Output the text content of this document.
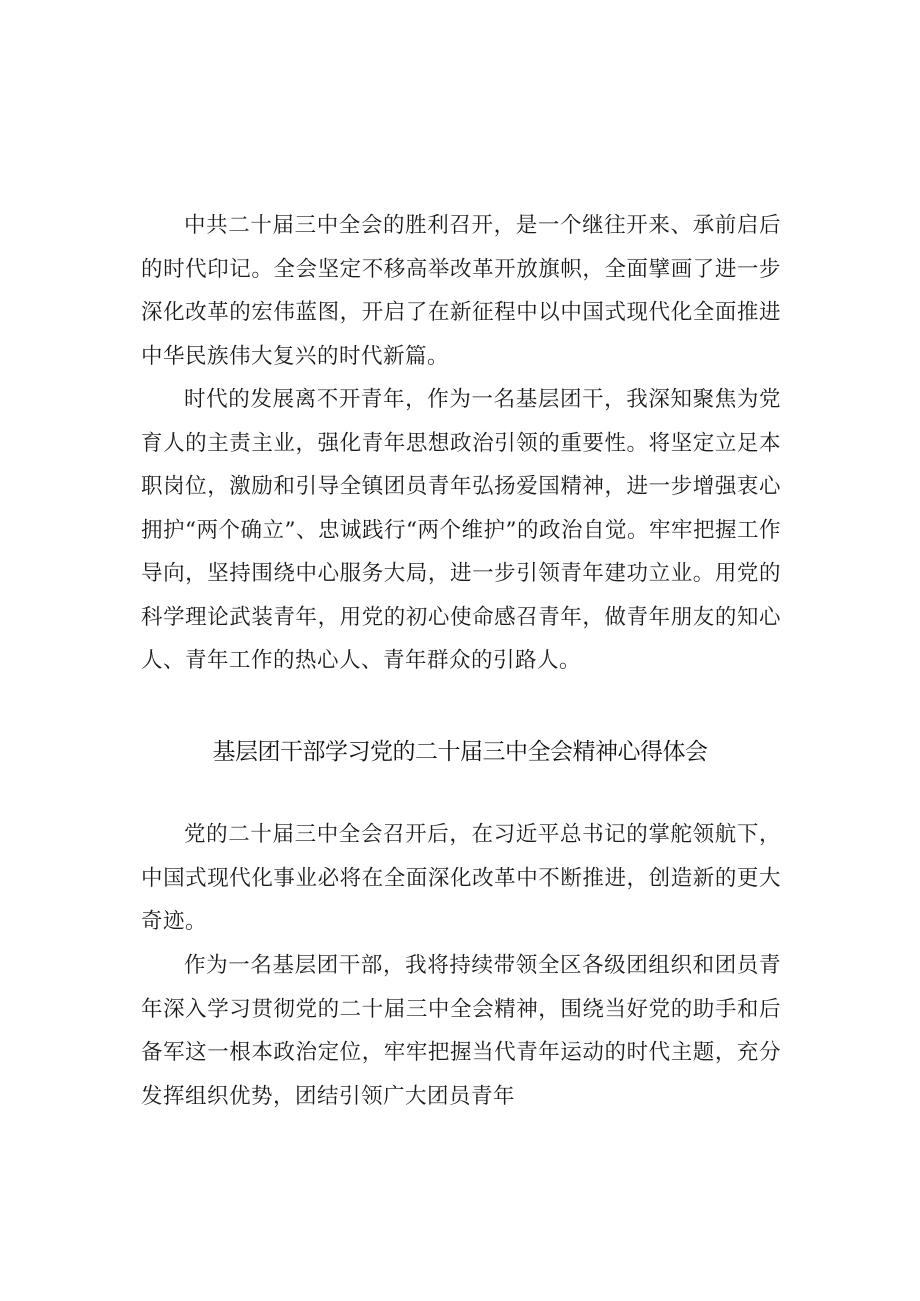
中共二十届三中全会的胜利召开，是一个继往开来、承前启后的时代印记。全会坚定不移高举改革开放旗帜，全面擘画了进一步深化改革的宏伟蓝图，开启了在新征程中以中国式现代化全面推进中华民族伟大复兴的时代新篇。

时代的发展离不开青年，作为一名基层团干，我深知聚焦为党育人的主责主业，强化青年思想政治引领的重要性。将坚定立足本职岗位，激励和引导全镇团员青年弘扬爱国精神，进一步增强衷心拥护“两个确立”、忠诚践行“两个维护”的政治自觉。牢牢把握工作导向，坚持围绕中心服务大局，进一步引领青年建功立业。用党的科学理论武装青年，用党的初心使命感召青年，做青年朋友的知心人、青年工作的热心人、青年群众的引路人。

基层团干部学习党的二十届三中全会精神心得体会

党的二十届三中全会召开后，在习近平总书记的掌舵领航下，中国式现代化事业必将在全面深化改革中不断推进，创造新的更大奇迹。

作为一名基层团干部，我将持续带领全区各级团组织和团员青年深入学习贯彻党的二十届三中全会精神，围绕当好党的助手和后备军这一根本政治定位，牢牢把握当代青年运动的时代主题，充分发挥组织优势，团结引领广大团员青年
